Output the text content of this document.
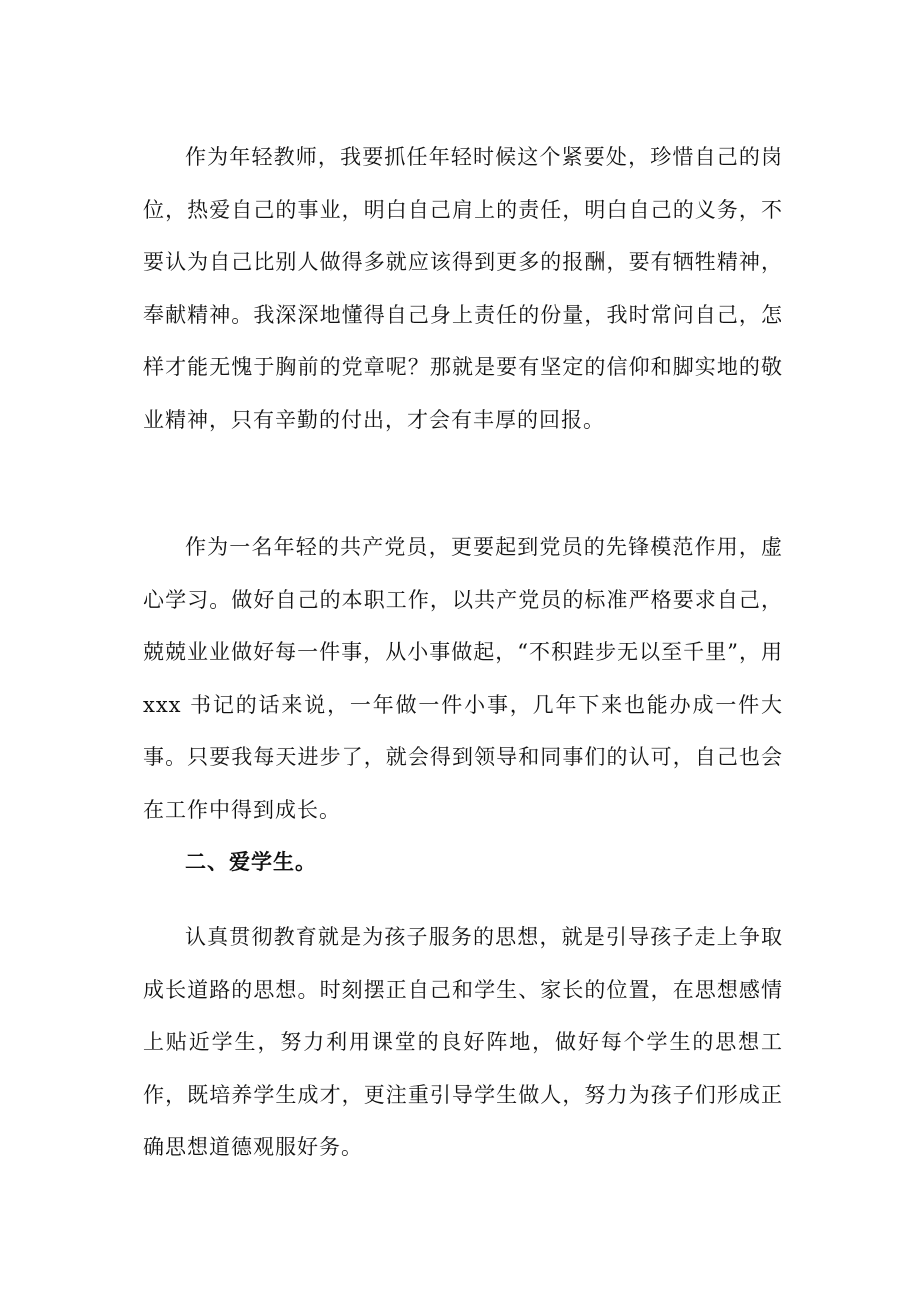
作为年轻教师，我要抓任年轻时候这个紧要处，珍惜自己的岗位，热爱自己的事业，明白自己肩上的责任，明白自己的义务，不要认为自己比别人做得多就应该得到更多的报酬，要有牺牲精神，奉献精神。我深深地懂得自己身上责任的份量，我时常问自己，怎样才能无愧于胸前的党章呢？那就是要有坚定的信仰和脚实地的敬业精神，只有辛勤的付出，才会有丰厚的回报。

作为一名年轻的共产党员，更要起到党员的先锋模范作用，虚心学习。做好自己的本职工作，以共产党员的标准严格要求自己，兢兢业业做好每一件事，从小事做起，“不积跬步无以至千里”，用 xxx 书记的话来说，一年做一件小事，几年下来也能办成一件大事。只要我每天进步了，就会得到领导和同事们的认可，自己也会在工作中得到成长。

二、爱学生。

认真贯彻教育就是为孩子服务的思想，就是引导孩子走上争取成长道路的思想。时刻摆正自己和学生、家长的位置，在思想感情上贴近学生，努力利用课堂的良好阵地，做好每个学生的思想工作，既培养学生成才，更注重引导学生做人，努力为孩子们形成正确思想道德观服好务。
